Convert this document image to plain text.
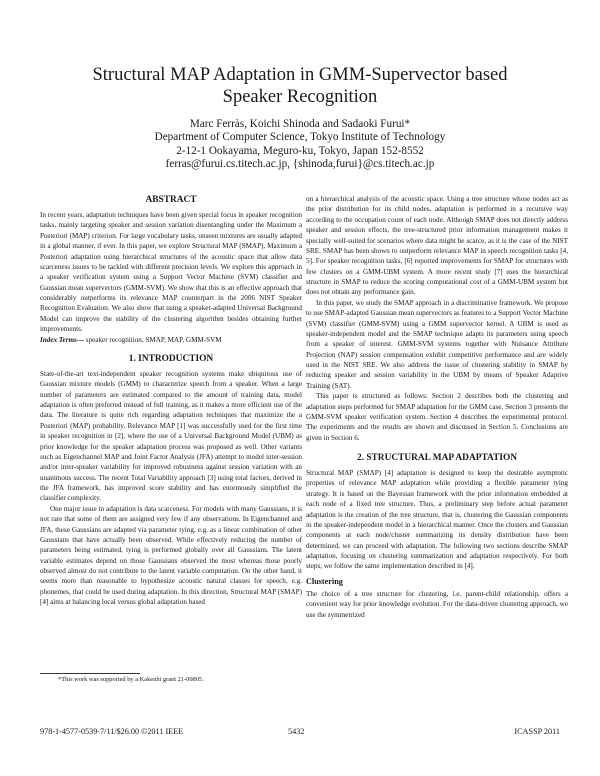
Structural MAP Adaptation in GMM-Supervector based
Speaker Recognition
Marc Ferràs, Koichi Shinoda and Sadaoki Furui*
Department of Computer Science, Tokyo Institute of Technology
2-12-1 Ookayama, Meguro-ku, Tokyo, Japan 152-8552
ferras@furui.cs.titech.ac.jp, {shinoda,furui}@cs.titech.ac.jp
ABSTRACT

In recent years, adaptation techniques have been given special focus in speaker recognition tasks, mainly targeting speaker and session variation disentangling under the Maximum a Posteriori (MAP) criterion. For large vocabulary tasks, unseen mixtures are usually adapted in a global manner, if ever. In this paper, we explore Structural MAP (SMAP), Maximum a Posteriori adaptation using hierarchical structures of the acoustic space that allow data scarceness issues to be tackled with different precision levels. We explore this approach in a speaker verification system using a Support Vector Machine (SVM) classifier and Gaussian mean supervectors (GMM-SVM). We show that this is an effective approach that considerably outperforms its relevance MAP counterpart in the 2006 NIST Speaker Recognition Evaluation. We also show that using a speaker-adapted Universal Background Model can improve the stability of the clustering algorithm besides obtaining further improvements.

Index Terms— speaker recognition, SMAP, MAP, GMM-SVM

1. INTRODUCTION

State-of-the-art text-independent speaker recognition systems make ubiquitous use of Gaussian mixture models (GMM) to characterize speech from a speaker. When a large number of parameters are estimated compared to the amount of training data, model adaptation is often preferred instead of full training, as it makes a more efficient use of the data. The literature is quite rich regarding adaptation techniques that maximize the a Posteriori (MAP) probability. Relevance MAP [1] was successfully used for the first time in speaker recognition in [2], where the use of a Universal Background Model (UBM) as prior knowledge for the speaker adaptation process was proposed as well. Other variants such as Eigenchannel MAP and Joint Factor Analysis (JFA) attempt to model inter-session and/or inter-speaker variability for improved robustness against session variation with an unanimous success. The recent Total Variability approach [3] using total factors, derived in the JFA framework, has improved score stability and has enormously simplified the classifier complexity.

One major issue in adaptation is data scarceness. For models with many Gaussians, it is not rare that some of them are assigned very few if any observations. In Eigenchannel and JFA, these Gaussians are adapted via parameter tying, e.g. as a linear combination of other Gaussians that have actually been observed. While effectively reducing the number of parameters being estimated, tying is performed globally over all Gaussians. The latent variable estimates depend on those Gaussians observed the most whereas those poorly observed almost do not contribute to the latent variable computation. On the other hand, it seems more than reasonable to hypothesize acoustic natural classes for speech, e.g. phonemes, that could be used during adaptation. In this direction, Structural MAP (SMAP) [4] aims at balancing local versus global adaptation based

on a hierarchical analysis of the acoustic space. Using a tree structure whose nodes act as the prior distribution for its child nodes, adaptation is performed in a recursive way according to the occupation count of each node. Although SMAP does not directly address speaker and session effects, the tree-structured prior information management makes it specially well-suited for scenarios where data might be scarce, as it is the case of the NIST SRE. SMAP has been shown to outperform relevance MAP in speech recognition tasks [4, 5]. For speaker recognition tasks, [6] reported improvements for SMAP for structures with few clusters on a GMM-UBM system. A more recent study [7] uses the hierarchical structure in SMAP to reduce the scoring computational cost of a GMM-UBM system but does not obtain any performance gain.

In this paper, we study the SMAP approach in a discriminative framework. We propose to use SMAP-adapted Gaussian mean supervectors as features to a Support Vector Machine (SVM) classifier (GMM-SVM) using a GMM supervector kernel. A UBM is used as speaker-independent model and the SMAP technique adapts its parameters using speech from a speaker of interest. GMM-SVM systems together with Nuisance Attribute Projection (NAP) session compensation exhibit competitive performance and are widely used in the NIST SRE. We also address the issue of clustering stability in SMAP by reducing speaker and session variability in the UBM by means of Speaker Adaptive Training (SAT).

This paper is structured as follows: Section 2 describes both the clustering and adaptation steps performed for SMAP adaptation for the GMM case. Section 3 presents the GMM-SVM speaker verification system. Section 4 describes the experimental protocol. The experiments and the results are shown and discussed in Section 5. Conclusions are given in Section 6.

2. STRUCTURAL MAP ADAPTATION

Structural MAP (SMAP) [4] adaptation is designed to keep the desirable asymptotic properties of relevance MAP adaptation while providing a flexible parameter tying strategy. It is based on the Bayesian framework with the prior information embedded at each node of a fixed tree structure. Thus, a preliminary step before actual parameter adaptation is the creation of the tree structure, that is, clustering the Gaussian components in the speaker-independent model in a hierarchical manner. Once the clusters and Gaussian components at each node/cluster summarizing its density distribution have been determined, we can proceed with adaptation. The following two sections describe SMAP adaptation, focusing on clustering summarization and adaptation respectively. For both steps, we follow the same implementation described in [4].

Clustering

The choice of a tree structure for clustering, i.e. parent-child relationship, offers a convenient way for prior knowledge evolution. For the data-driven clustering approach, we use the symmetrized

*This work was supported by a Kakenhi grant 21-00805.
978-1-4577-0539-7/11/$26.00 ©2011 IEEE	5432	ICASSP 2011
